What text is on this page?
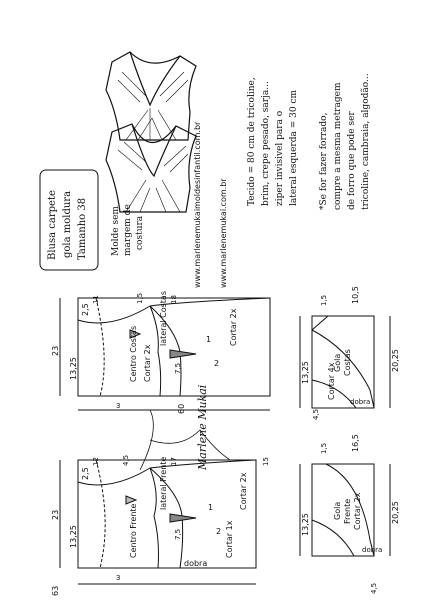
Blusa carpete gola moldura Tamanho 38	Molde sem margem de costura	www.marlenemukaimoldesinfantil.com.br www.marlenemukai.com.br
Tecido = 80 cm de tricoline, brim, crepe pesado, sarja... ziper invisivel para o lateral esquerda = 30 cm *Se for fazer forrado, compre a mesma metragem de forro que pode ser tricoline, cambraia, algodão...
Centro Costas
lateral Costas
Cortar 2x
Cortar 2x
1
2
23
13,25
2,5
60
7,5
3
11	18
1,5
Marlene Mukai
Centro Frente
lateral Frente
Cortar 1x
Cortar 2x
dobra
1
2
23
13,25
2,5
63
7,5
3
12	17
4,5	15
Gola Costas
Cortar 4x
20,25
13,25
10,5
4,5
1,5
dobra
Gola Frente Cortar 2x	20,25
13,25
16,5
4,5
1,5
dobra
